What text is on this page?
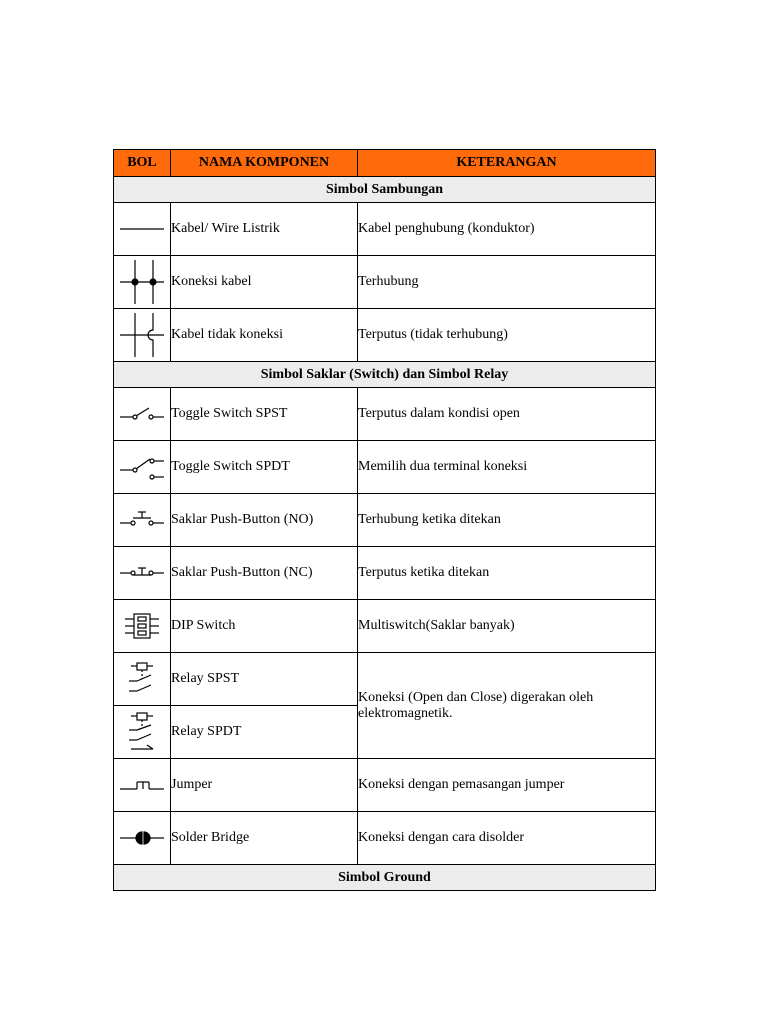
BOL	NAMA KOMPONEN	KETERANGAN
Simbol Sambungan		

	Kabel/ Wire Listrik	Kabel penghubung (konduktor)

	Koneksi kabel	Terhubung

	Kabel tidak koneksi	Terputus (tidak terhubung)
Simbol Saklar (Switch) dan Simbol Relay		

	Toggle Switch SPST	Terputus dalam kondisi open

	Toggle Switch SPDT	Memilih dua terminal koneksi

	Saklar Push-Button (NO)	Terhubung ketika ditekan

	Saklar Push-Button (NC)	Terputus ketika ditekan

	DIP Switch	Multiswitch(Saklar banyak)

	Relay SPST	Koneksi (Open dan Close) digerakan oleh elektromagnetik.

	Relay SPDT	

	Jumper	Koneksi dengan pemasangan jumper

	Solder Bridge	Koneksi dengan cara disolder
Simbol Ground		
